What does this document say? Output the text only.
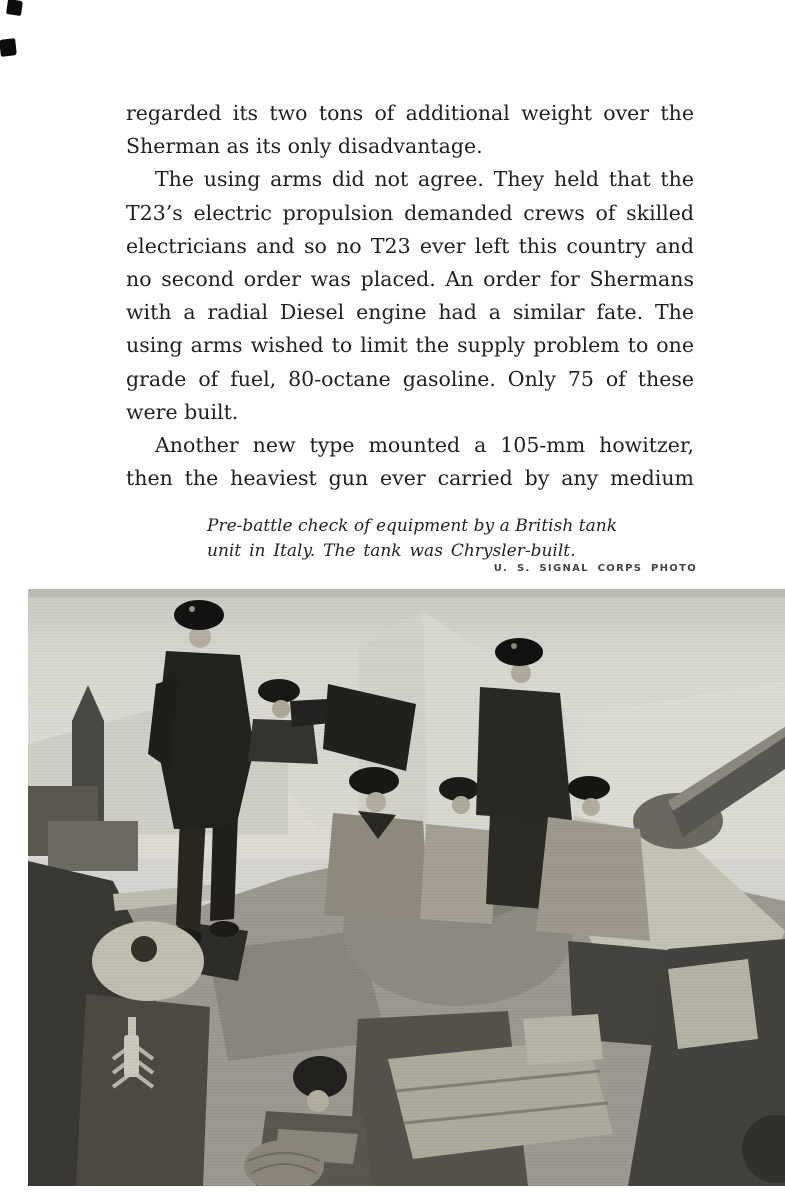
regarded its two tons of additional weight over the
Sherman as its only disadvantage.
The using arms did not agree. They held that the
T23’s electric propulsion demanded crews of skilled
electricians and so no T23 ever left this country and
no second order was placed. An order for Shermans
with a radial Diesel engine had a similar fate. The
using arms wished to limit the supply problem to one
grade of fuel, 80-octane gasoline. Only 75 of these
were built.
Another new type mounted a 105-mm howitzer,
then the heaviest gun ever carried by any medium
Pre-battle check of equipment by a British tank
unit in Italy. The tank was Chrysler-built.
U. S. SIGNAL CORPS PHOTO
